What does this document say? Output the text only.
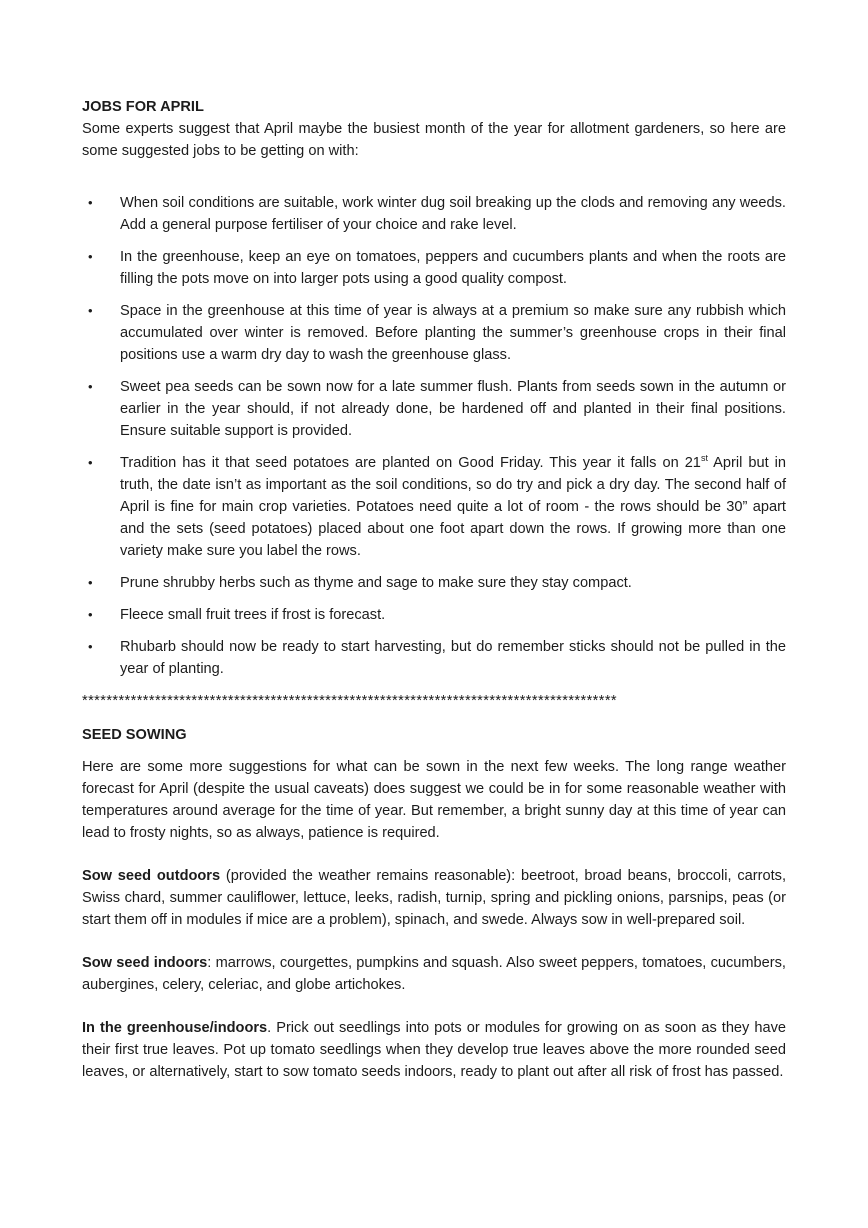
JOBS FOR APRIL

Some experts suggest that April maybe the busiest month of the year for allotment gardeners, so here are some suggested jobs to be getting on with:

•	When soil conditions are suitable, work winter dug soil breaking up the clods and removing any weeds. Add a general purpose fertiliser of your choice and rake level.
•	In the greenhouse, keep an eye on tomatoes, peppers and cucumbers plants and when the roots are filling the pots move on into larger pots using a good quality compost.
•	Space in the greenhouse at this time of year is always at a premium so make sure any rubbish which accumulated over winter is removed. Before planting the summer’s greenhouse crops in their final positions use a warm dry day to wash the greenhouse glass.
•	Sweet pea seeds can be sown now for a late summer flush. Plants from seeds sown in the autumn or earlier in the year should, if not already done, be hardened off and planted in their final positions. Ensure suitable support is provided.
•	Tradition has it that seed potatoes are planted on Good Friday. This year it falls on 21st April but in truth, the date isn’t as important as the soil conditions, so do try and pick a dry day. The second half of April is fine for main crop varieties. Potatoes need quite a lot of room - the rows should be 30” apart and the sets (seed potatoes) placed about one foot apart down the rows. If growing more than one variety make sure you label the rows.
•	Prune shrubby herbs such as thyme and sage to make sure they stay compact.
•	Fleece small fruit trees if frost is forecast.
•	Rhubarb should now be ready to start harvesting, but do remember sticks should not be pulled in the year of planting.
****************************************************************************************
SEED SOWING

Here are some more suggestions for what can be sown in the next few weeks. The long range weather forecast for April (despite the usual caveats) does suggest we could be in for some reasonable weather with temperatures around average for the time of year. But remember, a bright sunny day at this time of year can lead to frosty nights, so as always, patience is required.

Sow seed outdoors (provided the weather remains reasonable): beetroot, broad beans, broccoli, carrots, Swiss chard, summer cauliflower, lettuce, leeks, radish, turnip, spring and pickling onions, parsnips, peas (or start them off in modules if mice are a problem), spinach, and swede. Always sow in well-prepared soil.

Sow seed indoors: marrows, courgettes, pumpkins and squash. Also sweet peppers, tomatoes, cucumbers, aubergines, celery, celeriac, and globe artichokes.

In the greenhouse/indoors. Prick out seedlings into pots or modules for growing on as soon as they have their first true leaves. Pot up tomato seedlings when they develop true leaves above the more rounded seed leaves, or alternatively, start to sow tomato seeds indoors, ready to plant out after all risk of frost has passed.
